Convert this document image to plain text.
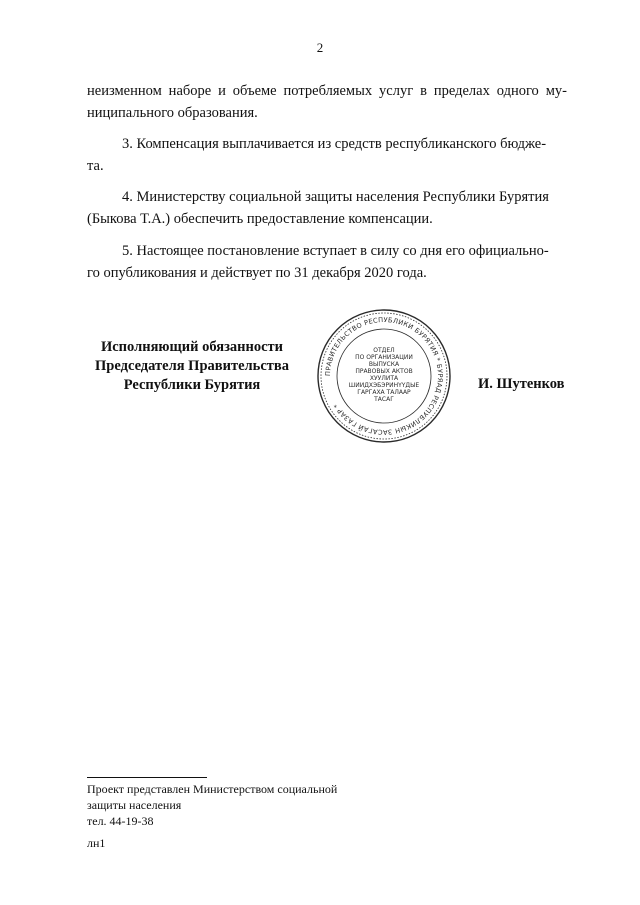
2

неизменном наборе и объеме потребляемых услуг в пределах одного му-
ниципального образования.

3. Компенсация выплачивается из средств республиканского бюдже-
та.

4. Министерству социальной защиты населения Республики Бурятия
(Быкова Т.А.) обеспечить предоставление компенсации.

5. Настоящее постановление вступает в силу со дня его официально-
го опубликования и действует по 31 декабря 2020 года.

Исполняющий обязанности
Председателя Правительства
Республики Бурятия
ПРАВИТЕЛЬСТВО РЕСПУБЛИКИ БУРЯТИЯ * БУРЯАД РЕСПУБЛИКЫН ЗАСАГАЙ ГАЗАР *
ОТДЕЛ
ПО ОРГАНИЗАЦИИ
ВЫПУСКА
ПРАВОВЫХ АКТОВ
ХУУЛИТА
ШИИДХЭБЭРИНҮҮДЫЕ
ГАРГАХА ТАЛААР
ТАСАГ
И. Шутенков
Проект представлен Министерством социальной
защиты населения
тел. 44-19-38
лн1
